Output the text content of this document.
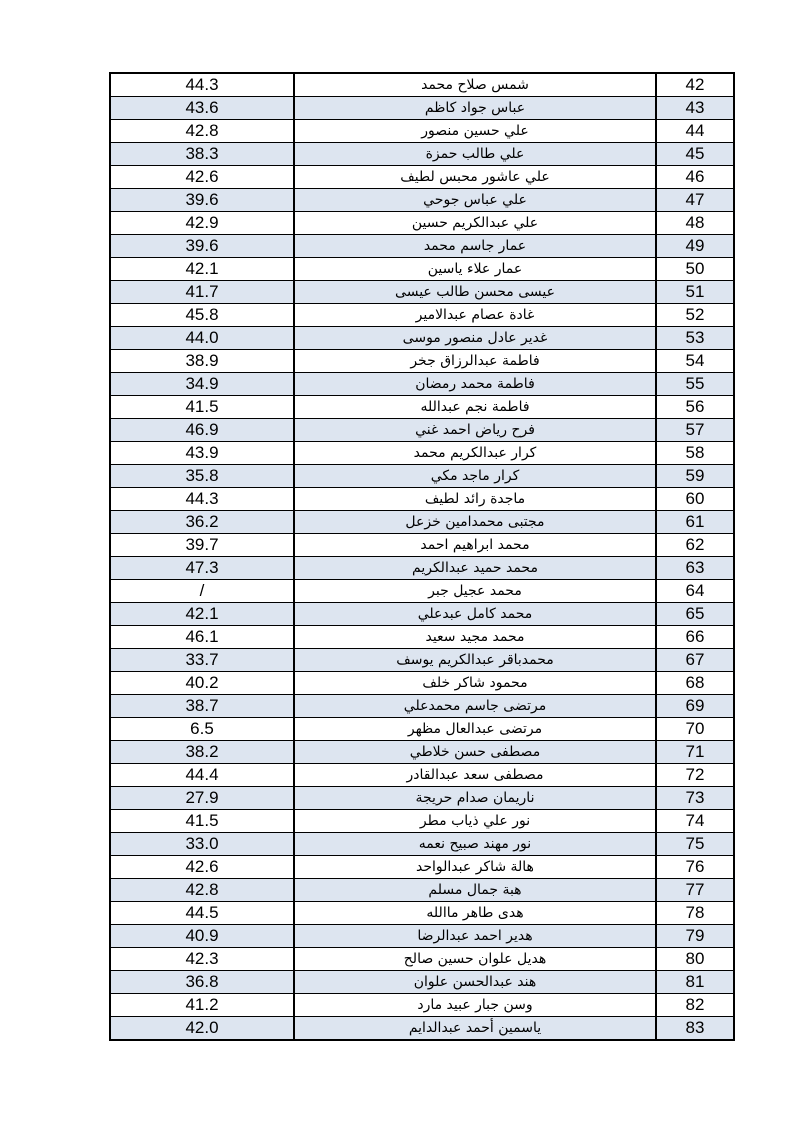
44.3	شمس صلاح محمد	42
43.6	عباس جواد كاظم	43
42.8	علي حسين منصور	44
38.3	علي طالب حمزة	45
42.6	علي عاشور محبس لطيف	46
39.6	علي عباس جوحي	47
42.9	علي عبدالكريم حسين	48
39.6	عمار جاسم محمد	49
42.1	عمار علاء ياسين	50
41.7	عيسى محسن طالب عيسى	51
45.8	غادة عصام عبدالامير	52
44.0	غدير عادل منصور موسى	53
38.9	فاطمة عبدالرزاق جخر	54
34.9	فاطمة محمد رمضان	55
41.5	فاطمة نجم عبدالله	56
46.9	فرح رياض احمد غني	57
43.9	كرار عبدالكريم محمد	58
35.8	كرار ماجد مكي	59
44.3	ماجدة رائد لطيف	60
36.2	مجتبى محمدامين خزعل	61
39.7	محمد ابراهيم احمد	62
47.3	محمد حميد عبدالكريم	63
/	محمد عجيل جبر	64
42.1	محمد كامل عبدعلي	65
46.1	محمد مجيد سعيد	66
33.7	محمدباقر عبدالكريم يوسف	67
40.2	محمود شاكر خلف	68
38.7	مرتضى جاسم محمدعلي	69
6.5	مرتضى عبدالعال مظهر	70
38.2	مصطفى حسن خلاطي	71
44.4	مصطفى سعد عبدالقادر	72
27.9	ناريمان صدام حريجة	73
41.5	نور علي ذياب مطر	74
33.0	نور مهند صبيح نعمه	75
42.6	هالة شاكر عبدالواحد	76
42.8	هبة جمال مسلم	77
44.5	هدى طاهر ماالله	78
40.9	هدير احمد عبدالرضا	79
42.3	هديل علوان حسين صالح	80
36.8	هند عبدالحسن علوان	81
41.2	وسن جبار عبيد مارد	82
42.0	ياسمين أحمد عبدالدايم	83
